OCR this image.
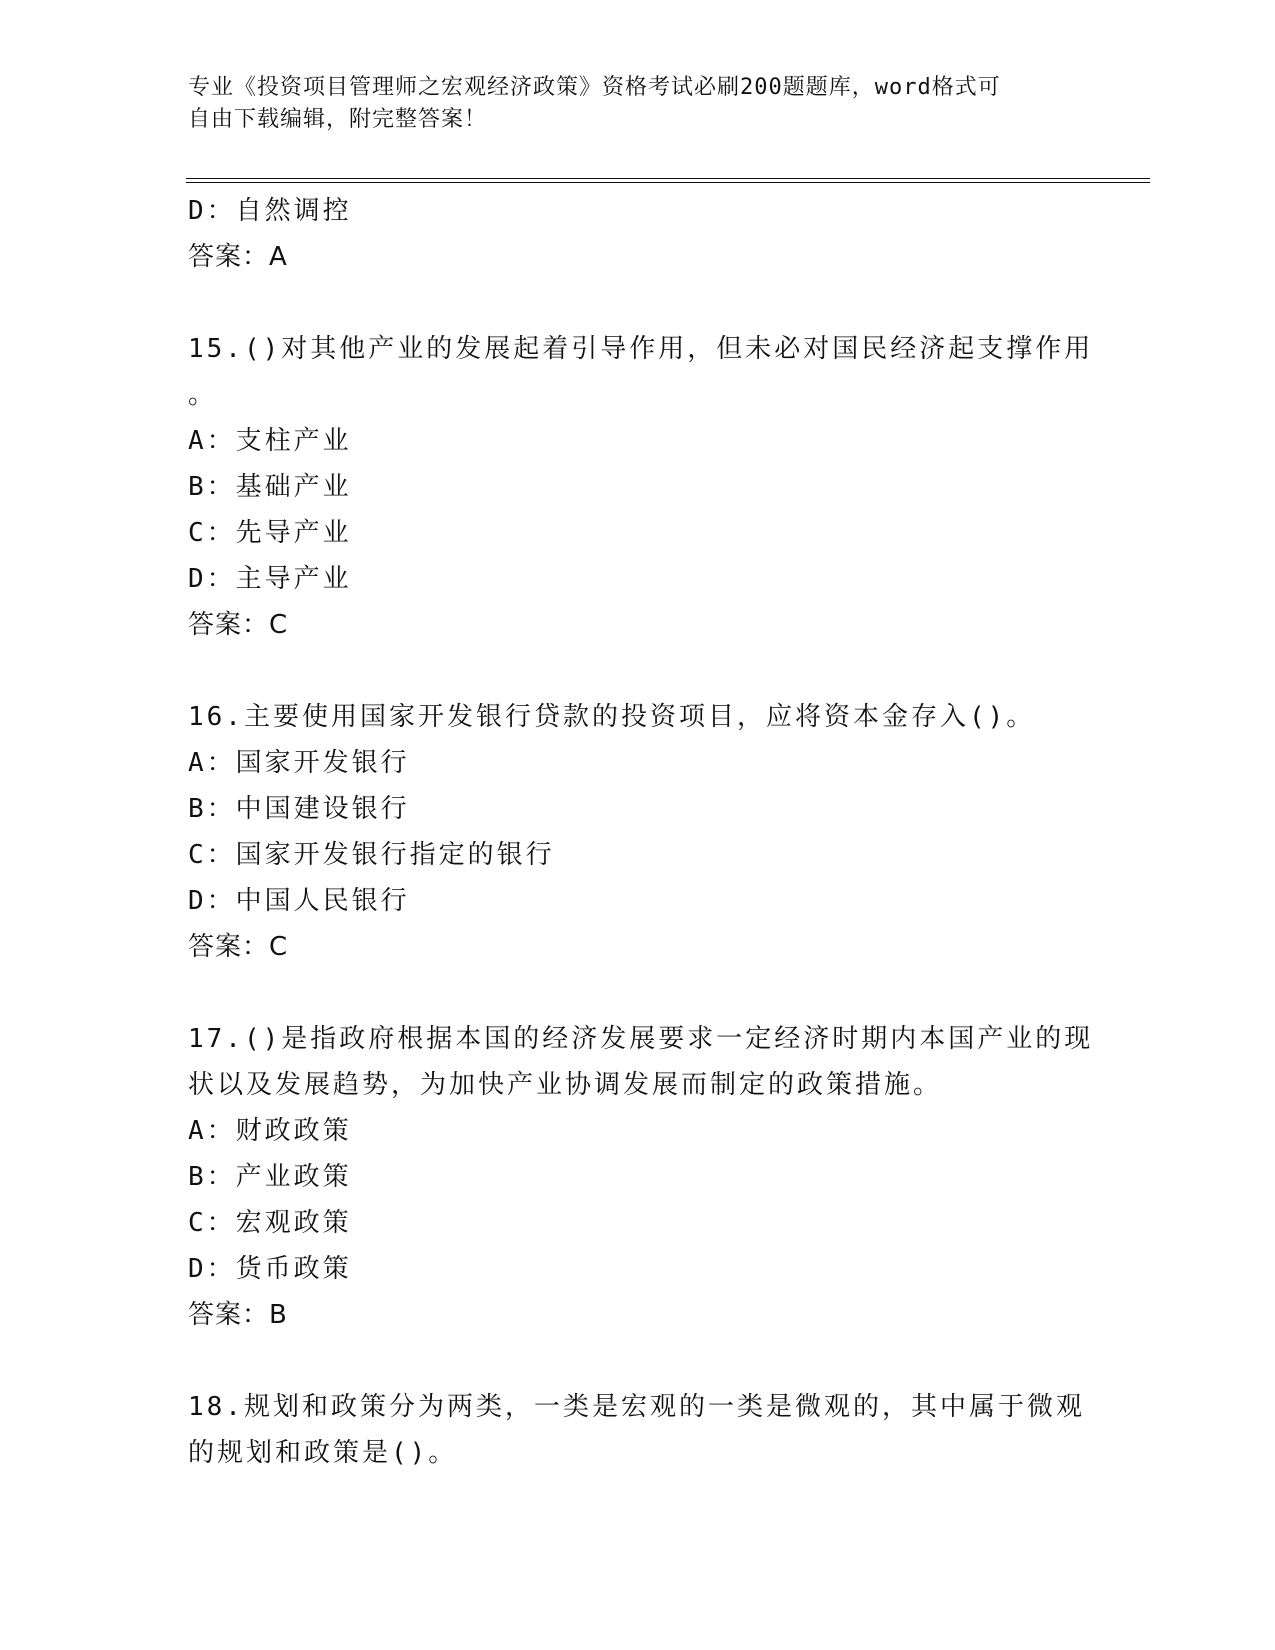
专业《投资项目管理师之宏观经济政策》资格考试必刷200题题库，word格式可
自由下载编辑，附完整答案！
D：自然调控
答案：A
15.()对其他产业的发展起着引导作用，但未必对国民经济起支撑作用
。
A：支柱产业
B：基础产业
C：先导产业
D：主导产业
答案：C
16.主要使用国家开发银行贷款的投资项目，应将资本金存入()。
A：国家开发银行
B：中国建设银行
C：国家开发银行指定的银行
D：中国人民银行
答案：C
17.()是指政府根据本国的经济发展要求一定经济时期内本国产业的现
状以及发展趋势，为加快产业协调发展而制定的政策措施。
A：财政政策
B：产业政策
C：宏观政策
D：货币政策
答案：B
18.规划和政策分为两类，一类是宏观的一类是微观的，其中属于微观
的规划和政策是()。
